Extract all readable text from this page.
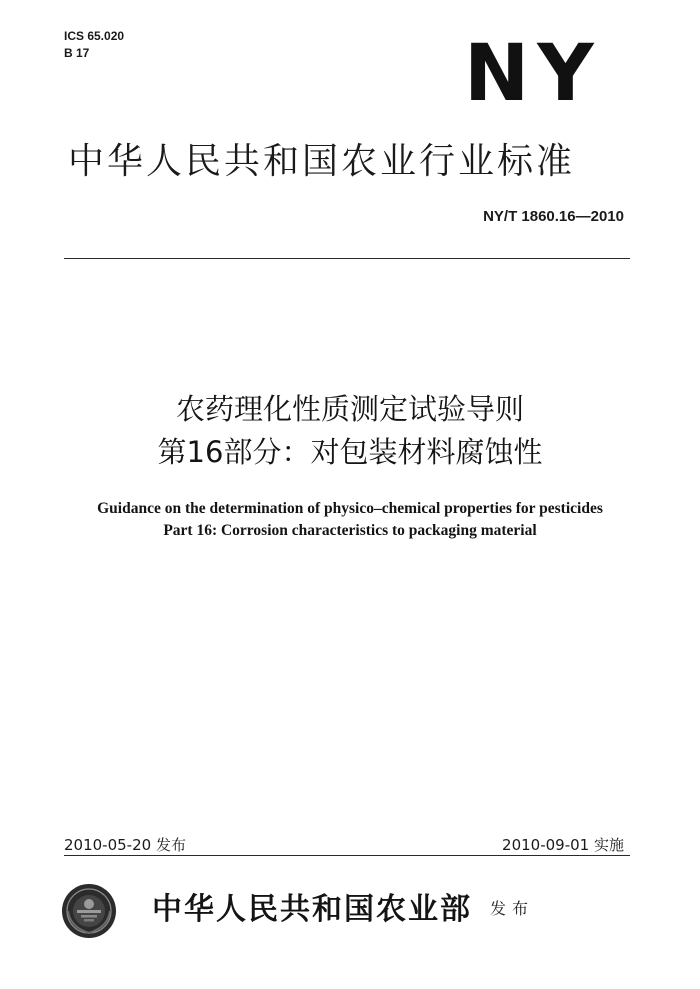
ICS 65.020
B 17	NY
中华人民共和国农业行业标准
NY/T 1860.16—2010
农药理化性质测定试验导则
第16部分：对包装材料腐蚀性
Guidance on the determination of physico–chemical properties for pesticides
Part 16: Corrosion characteristics to packaging material
2010-05-20 发布	2010-09-01 实施
中华人民共和国农业部 发布
